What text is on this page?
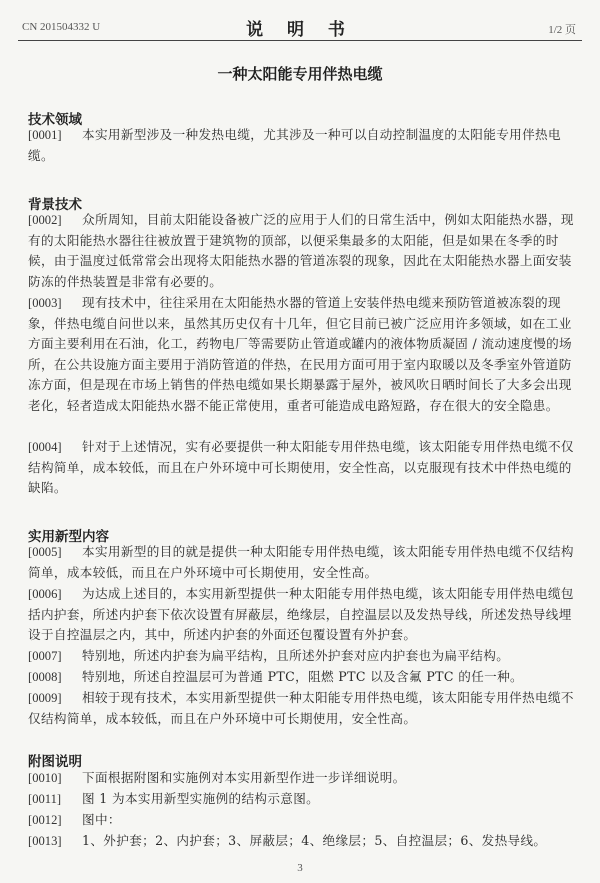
CN 201504332 U	说 明 书	1/2 页
一种太阳能专用伴热电缆
技术领域
[0001] 本实用新型涉及一种发热电缆，尤其涉及一种可以自动控制温度的太阳能专用伴热电缆。
背景技术
[0002] 众所周知，目前太阳能设备被广泛的应用于人们的日常生活中，例如太阳能热水器，现有的太阳能热水器往往被放置于建筑物的顶部，以便采集最多的太阳能，但是如果在冬季的时候，由于温度过低常常会出现将太阳能热水器的管道冻裂的现象，因此在太阳能热水器上面安装防冻的伴热装置是非常有必要的。
[0003] 现有技术中，往往采用在太阳能热水器的管道上安装伴热电缆来预防管道被冻裂的现象，伴热电缆自问世以来，虽然其历史仅有十几年，但它目前已被广泛应用许多领域，如在工业方面主要利用在石油，化工，药物电厂等需要防止管道或罐内的液体物质凝固 / 流动速度慢的场所，在公共设施方面主要用于消防管道的伴热，在民用方面可用于室内取暖以及冬季室外管道防冻方面，但是现在市场上销售的伴热电缆如果长期暴露于屋外，被风吹日晒时间长了大多会出现老化，轻者造成太阳能热水器不能正常使用，重者可能造成电路短路，存在很大的安全隐患。
[0004] 针对于上述情况，实有必要提供一种太阳能专用伴热电缆，该太阳能专用伴热电缆不仅结构简单，成本较低，而且在户外环境中可长期使用，安全性高，以克服现有技术中伴热电缆的缺陷。
实用新型内容
[0005] 本实用新型的目的就是提供一种太阳能专用伴热电缆，该太阳能专用伴热电缆不仅结构简单，成本较低，而且在户外环境中可长期使用，安全性高。
[0006] 为达成上述目的，本实用新型提供一种太阳能专用伴热电缆，该太阳能专用伴热电缆包括内护套，所述内护套下依次设置有屏蔽层，绝缘层，自控温层以及发热导线，所述发热导线埋设于自控温层之内，其中，所述内护套的外面还包覆设置有外护套。
[0007] 特别地，所述内护套为扁平结构，且所述外护套对应内护套也为扁平结构。
[0008] 特别地，所述自控温层可为普通 PTC，阻燃 PTC 以及含氟 PTC 的任一种。
[0009] 相较于现有技术，本实用新型提供一种太阳能专用伴热电缆，该太阳能专用伴热电缆不仅结构简单，成本较低，而且在户外环境中可长期使用，安全性高。
附图说明
[0010] 下面根据附图和实施例对本实用新型作进一步详细说明。
[0011] 图 1 为本实用新型实施例的结构示意图。
[0012] 图中：
[0013] 1、外护套；2、内护套；3、屏蔽层；4、绝缘层；5、自控温层；6、发热导线。
3
